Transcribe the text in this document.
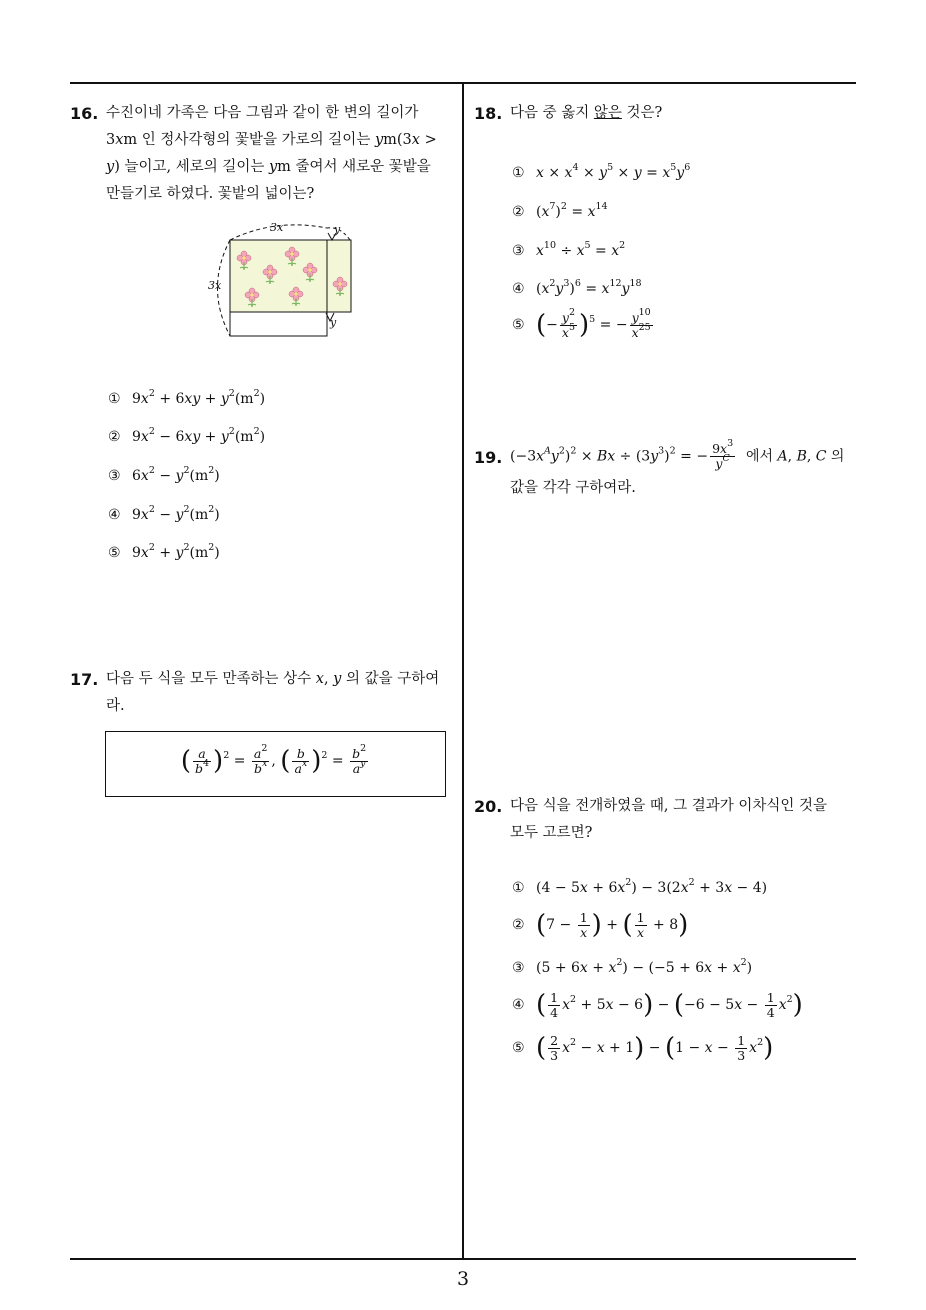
16. 수진이네 가족은 다음 그림과 같이 한 변의 길이가
3xm 인 정사각형의 꽃밭을 가로의 길이는 ym(3x >
y) 늘이고, 세로의 길이는 ym 줄여서 새로운 꽃밭을
만들기로 하였다. 꽃밭의 넓이는?
3x
3x
y
y
① $9x^2 + 6xy + y^2(m^2)$
② $9x^2 - 6xy + y^2(m^2)$
③ $6x^2 - y^2(m^2)$
④ $9x^2 - y^2(m^2)$
⑤ $9x^2 + y^2(m^2)$
17. 다음 두 식을 모두 만족하는 상수 x, y 의 값을 구하여
라.
( $\frac{a}{b^4} )^2 = \frac{a^2}{b^x}$ , ( $\frac{b}{a^x} )^2 = \frac{b^2}{a^y}$
18. 다음 중 옳지 않은 것은?
① $x \times x^4 \times y^5 \times y = x^5y^6$
② $(x^7)^2 = x^{14}$
③ $x^{10} \div x^5 = x^2$
④ $(x^2y^3)^6 = x^{12}y^{18}$
⑤ (− $\frac{y^2}{x^5} )^5$ = − $\frac{y^{10}}{x^{25}}$
19. $(-3x^Ay^2)^2 \times Bx \div (3y^3)^2$ = − $\frac{9x^3}{y^C}$ 에서 A, B, C 의
값을 각각 구하여라.
20. 다음 식을 전개하였을 때, 그 결과가 이차식인 것을
모두 고르면?
① $(4 - 5x + 6x^2) - 3(2x^2 + 3x - 4)$
② ($7 - \frac{1}{x}$ ) + ( $\frac{1}{x} + 8$)
③ $(5 + 6x + x^2) - (-5 + 6x + x^2)$
④ ( $\frac{1}{4} x^2 + 5x - 6) - (-6 - 5x - \frac{1}{4} x^2)$
⑤ ( $\frac{2}{3} x^2 - x + 1) - (1 - x - \frac{1}{3} x^2)$
3
